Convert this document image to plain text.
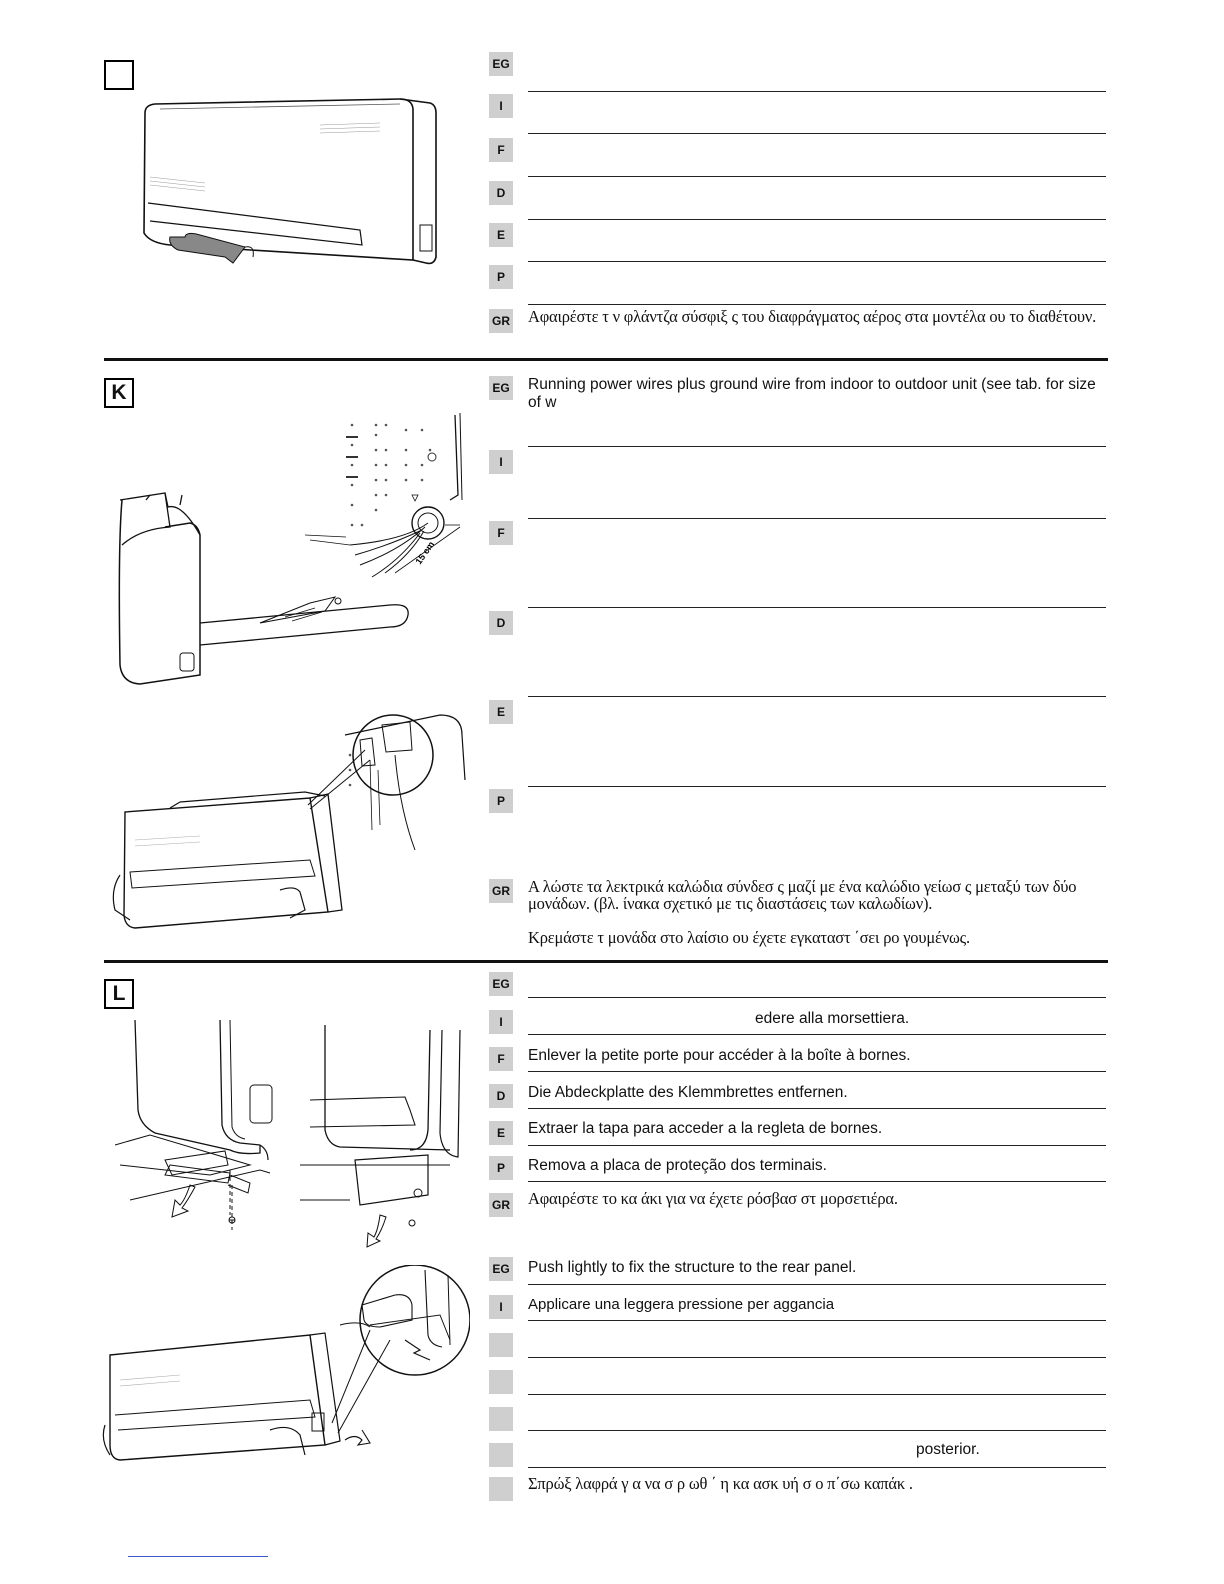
EG
I
F
D
E
P
GR Αφαιρέστε τ ν φλάντζα σύσφιξ ς του διαφράγματος αέρος στα μοντέλα ου το διαθέτουν.
K
15 cm
EG Running power wires plus ground wire from indoor to outdoor unit (see tab. for size of w
I
F
D
E
P
GR Α λώστε τα λεκτρικά καλώδια σύνδεσ ς μαζί με ένα καλώδιο γείωσ ς μεταξύ των δύο μονάδων. (βλ. ίνακα σχετικό με τις διαστάσεις των καλωδίων).
Κρεμάστε τ μονάδα στο λαίσιο ου έχετε εγκαταστ ΄σει ρο γουμένως.
L	EG
I	edere alla morsettiera.
F	Enlever la petite porte pour accéder à la boîte à bornes.
D	Die Abdeckplatte des Klemmbrettes entfernen.
E	Extraer la tapa para acceder a la regleta de bornes.
P	Remova a placa de proteção dos terminais.
GR Αφαιρέστε το κα άκι για να έχετε ρόσβασ στ μορσετιέρα.
EG Push lightly to fix the structure to the rear panel.
I	Applicare una leggera pressione per aggancia
posterior.
Σπρώξ λαφρά γ α να σ ρ ωθ ΄ η κα ασκ υή σ ο π΄σω καπάκ .
